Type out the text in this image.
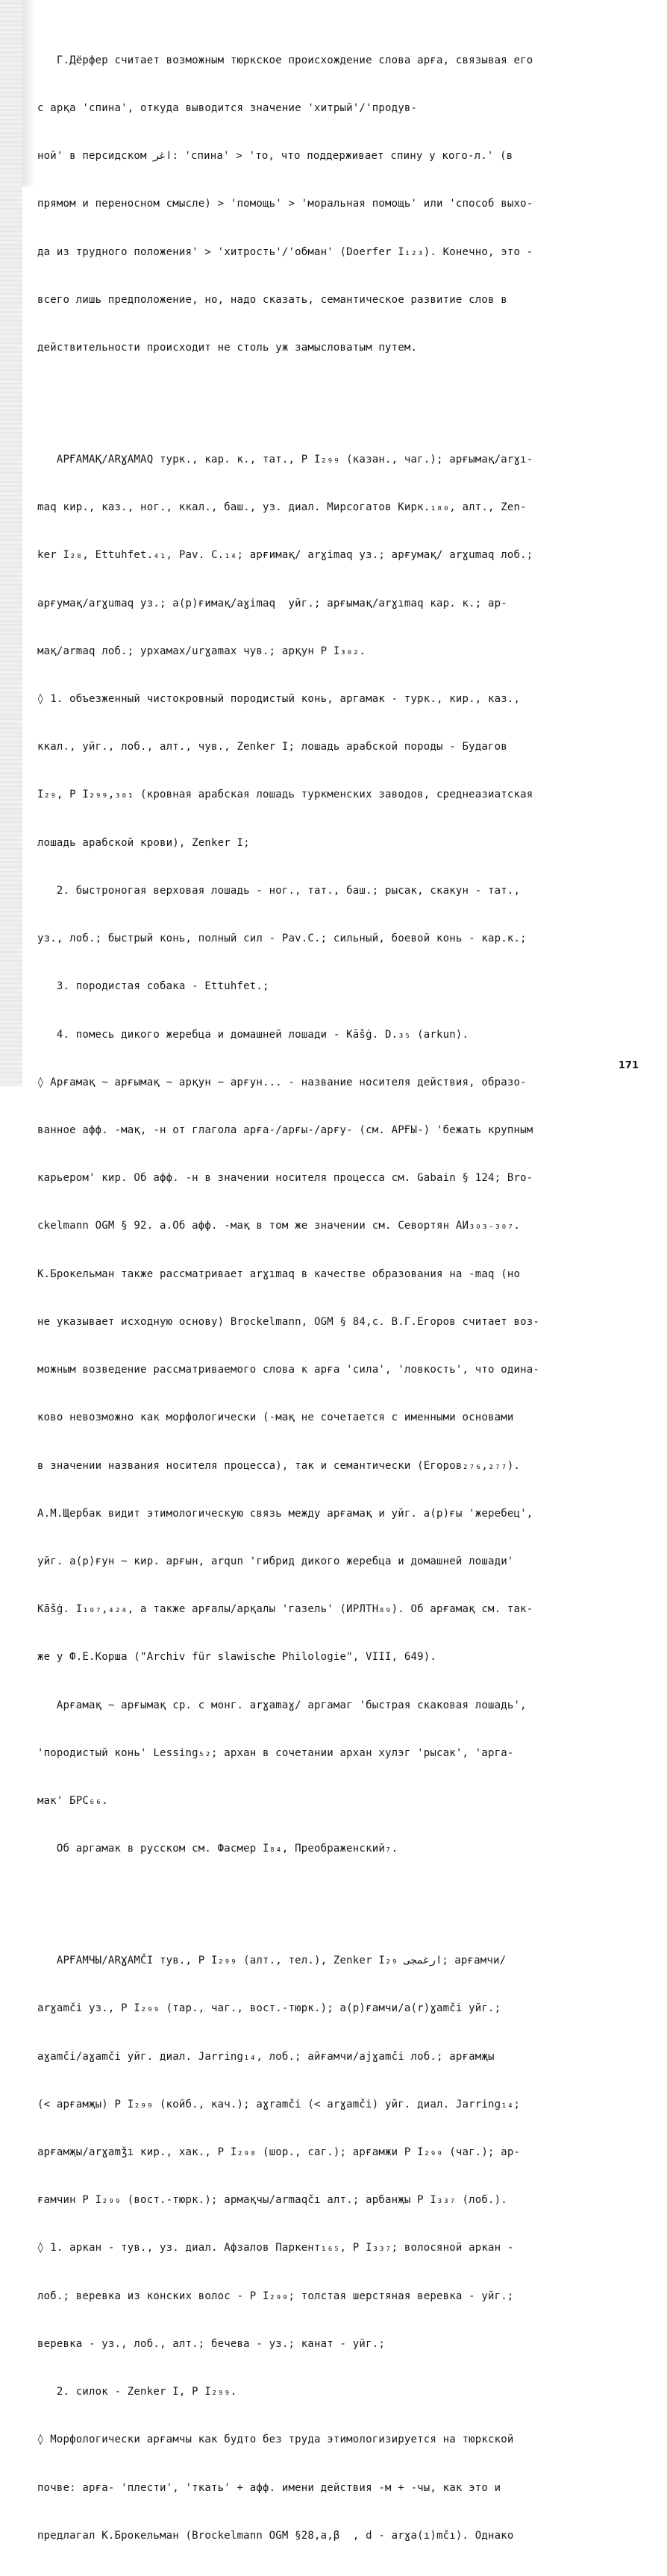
Г.Дёрфер считает возможным тюркское происхождение слова арға, связывая его

с арқа 'спина', откуда выводится значение 'хитрый'/'продув-

ной' в персидском اغر: 'спина' > 'то, что поддерживает спину у кого-л.' (в

прямом и переносном смысле) > 'помощь' > 'моральная помощь' или 'способ выхо-

да из трудного положения' > 'хитрость'/'обман' (Doerfer I₁₂₃). Конечно, это -

всего лишь предположение, но, надо сказать, семантическое развитие слов в

действительности происходит не столь уж замысловатым путем.

АРҒАМАҚ/ARƔAMAQ турк., кар. к., тат., Р I₂₉₉ (казан., чаг.); арғымақ/arɣı-

maq кир., каз., ног., ккал., баш., уз. диал. Мирсогатов Кирк.₁₈₀, алт., Zen-

ker I₂₈, Ettuhfet.₄₁, Pav. C.₁₄; арғимақ/ arɣimaq уз.; арғумақ/ arɣumaq лоб.;

арғумақ/arɣumaq уз.; а(р)ғимақ/aɣimaq  уйг.; арғымақ/arɣımaq кар. к.; ар-

мақ/armaq лоб.; урхамах/urɣamax чув.; арқун Р I₃₀₂.

◊ 1. объезженный чистокровный породистый конь, аргамак - турк., кир., каз.,

ккал., уйг., лоб., алт., чув., Zenker I; лошадь арабской породы - Будагов

I₂₉, Р I₂₉₉,₃₀₁ (кровная арабская лошадь туркменских заводов, среднеазиатская

лошадь арабской крови), Zenker I;

2. быстроногая верховая лошадь - ног., тат., баш.; рысак, скакун - тат.,

уз., лоб.; быстрый конь, полный сил - Pav.C.; сильный, боевой конь - кар.к.;

3. породистая собака - Ettuhfet.;

4. помесь дикого жеребца и домашней лошади - Kāšġ. D.₃₅ (arkun).

◊ Арғамақ ~ арғымақ ~ арқун ~ арғун... - название носителя действия, образо-

ванное афф. -мақ, -н от глагола арға-/арғы-/арғу- (см. АРҒЫ-) 'бежать крупным

карьером' кир. Об афф. -н в значении носителя процесса см. Gabain § 124; Bro-

ckelmann OGM § 92. а.Об афф. -мақ в том же значении см. Севортян АИ₃₀₃₋₃₀₇.

К.Брокельман также рассматривает arɣımaq в качестве образования на -maq (но

не указывает исходную основу) Brockelmann, OGM § 84,c. В.Г.Егоров считает воз-

можным возведение рассматриваемого слова к арға 'сила', 'ловкость', что одина-

ково невозможно как морфологически (-мақ не сочетается с именными основами

в значении названия носителя процесса), так и семантически (Егоров₂₇₆,₂₇₇).

А.М.Щербак видит этимологическую связь между арғамақ и уйг. а(р)ғы 'жеребец',

уйг. а(р)ғун ~ кир. арғын, arqun 'гибрид дикого жеребца и домашней лошади'

Kāšġ. I₁₀₇,₄₂₄, а также арғалы/арқалы 'газель' (ИРЛТН₈₉). Об арғамақ см. так-

же у Ф.Е.Корша ("Archiv für slawische Philologie", VIII, 649).

Арғамақ ~ арғымақ ср. с монг. arɣamaɣ/ аргамаг 'быстрая скаковая лошадь',

'породистый конь' Lessing₅₂; архан в сочетании архан хулэг 'рысак', 'арга-

мак' БРС₆₆.

Об аргамак в русском см. Фасмер I₈₄, Преображенский₇.

АРҒАМЧЫ/ARƔAMČI тув., Р I₂₉₉ (алт., тел.), Zenker I₂₉ ارغمجی; арғамчи/

arɣamči уз., Р I₂₉₉ (тар., чаг., вост.-тюрк.); а(р)ғамчи/a(r)ɣamči уйг.;

aɣamči/aɣamči уйг. диал. Jarring₁₄, лоб.; айғамчи/ajɣamči лоб.; арғамҗы

(< арғамҗы) Р I₂₉₉ (койб., кач.); aɣramči (< arɣamči) уйг. диал. Jarring₁₄;

арғамҗы/arɣamǯı кир., хак., Р I₂₉₈ (шор., саг.); арғамжи Р I₂₉₉ (чаг.); ар-

ғамчин Р I₂₉₉ (вост.-тюрк.); армақчы/armaqčı алт.; арбанҗы Р I₃₃₇ (лоб.).

◊ 1. аркан - тув., уз. диал. Афзалов Паркент₁₆₅, Р I₃₃₇; волосяной аркан -

лоб.; веревка из конских волос - Р I₂₉₉; толстая шерстяная веревка - уйг.;

веревка - уз., лоб., алт.; бечева - уз.; канат - уйг.;

2. силок - Zenker I, Р I₂₉₉.

◊ Морфологически арғамчы как будто без труда этимологизируется на тюркской

почве: арға- 'плести', 'ткать' + афф. имени действия -м + -чы, как это и

предлагал К.Брокельман (Brockelmann OGM §28,a,β  , d - arɣa(ı)mčı). Однако

171
